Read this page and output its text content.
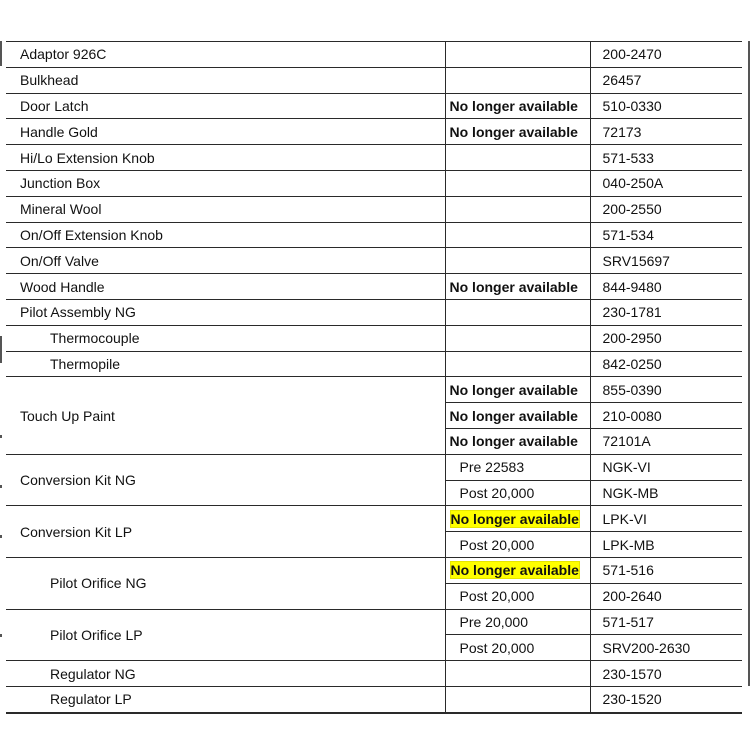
Adaptor 926C		200-2470
Bulkhead		26457
Door Latch	No longer available	510-0330
Handle Gold	No longer available	72173
Hi/Lo Extension Knob		571-533
Junction Box		040-250A
Mineral Wool		200-2550
On/Off Extension Knob		571-534
On/Off Valve		SRV15697
Wood Handle	No longer available	844-9480
Pilot Assembly NG		230-1781
Thermocouple		200-2950
Thermopile		842-0250
Touch Up Paint	No longer available	855-0390
	No longer available	210-0080
	No longer available	72101A
Conversion Kit NG	Pre 22583	NGK-VI
	Post 20,000	NGK-MB
Conversion Kit LP	No longer available	LPK-VI
	Post 20,000	LPK-MB
Pilot Orifice NG	No longer available	571-516
	Post 20,000	200-2640
Pilot Orifice LP	Pre 20,000	571-517
	Post 20,000	SRV200-2630
Regulator NG		230-1570
Regulator LP		230-1520
